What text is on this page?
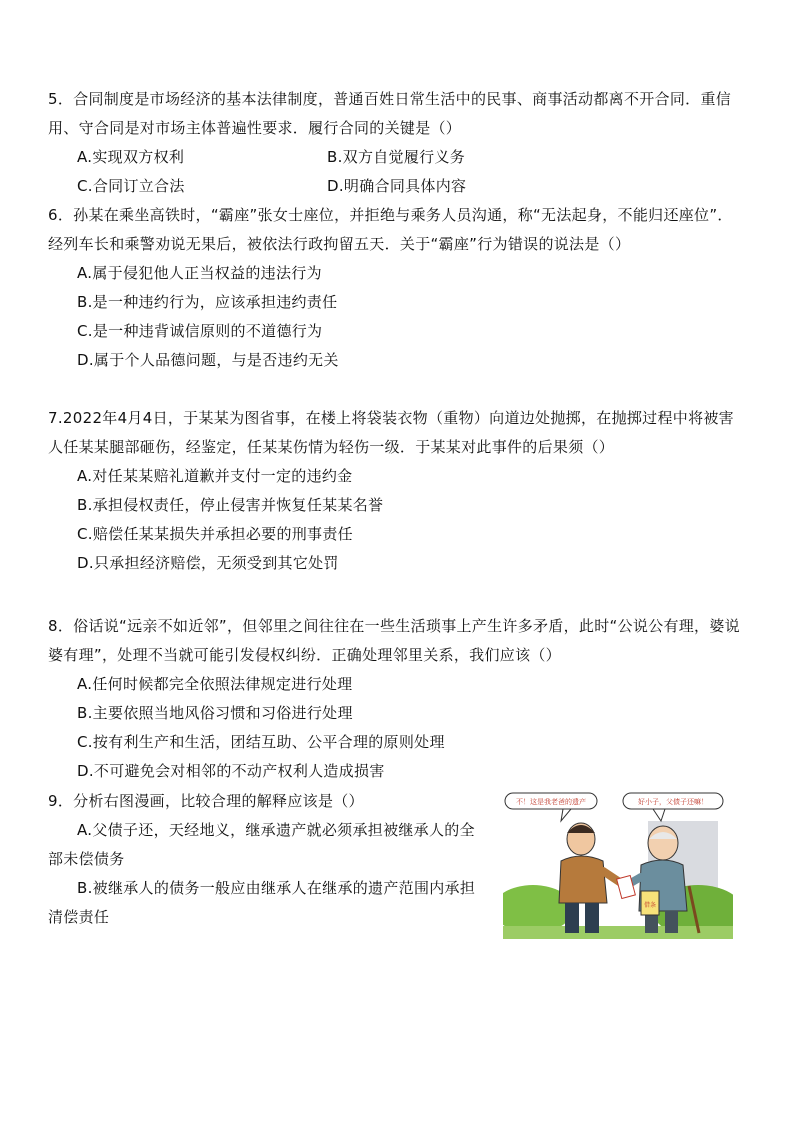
5．合同制度是市场经济的基本法律制度，普通百姓日常生活中的民事、商事活动都离不开合同．重信用、守合同是对市场主体普遍性要求．履行合同的关键是（）

A.实现双方权利	B.双方自觉履行义务
C.合同订立合法	D.明确合同具体内容

6．孙某在乘坐高铁时，“霸座”张女士座位，并拒绝与乘务人员沟通，称“无法起身，不能归还座位”．经列车长和乘警劝说无果后，被依法行政拘留五天．关于“霸座”行为错误的说法是（）

A.属于侵犯他人正当权益的违法行为

B.是一种违约行为，应该承担违约责任

C.是一种违背诚信原则的不道德行为

D.属于个人品德问题，与是否违约无关

7.2022年4月4日，于某某为图省事，在楼上将袋装衣物（重物）向道边处抛掷，在抛掷过程中将被害人任某某腿部砸伤，经鉴定，任某某伤情为轻伤一级．于某某对此事件的后果须（）

A.对任某某赔礼道歉并支付一定的违约金

B.承担侵权责任，停止侵害并恢复任某某名誉

C.赔偿任某某损失并承担必要的刑事责任

D.只承担经济赔偿，无须受到其它处罚

8．俗话说“远亲不如近邻”，但邻里之间往往在一些生活琐事上产生许多矛盾，此时“公说公有理，婆说婆有理”，处理不当就可能引发侵权纠纷．正确处理邻里关系，我们应该（）

A.任何时候都完全依照法律规定进行处理

B.主要依照当地风俗习惯和习俗进行处理

C.按有利生产和生活，团结互助、公平合理的原则处理

D.不可避免会对相邻的不动产权利人造成损害

9．分析右图漫画，比较合理的解释应该是（）

A.父债子还，天经地义，继承遗产就必须承担被继承人的全部未偿债务

B.被继承人的债务一般应由继承人在继承的遗产范围内承担清偿责任

不！这是我老爸的遗产	好小子，父债子还嘛！
借条
